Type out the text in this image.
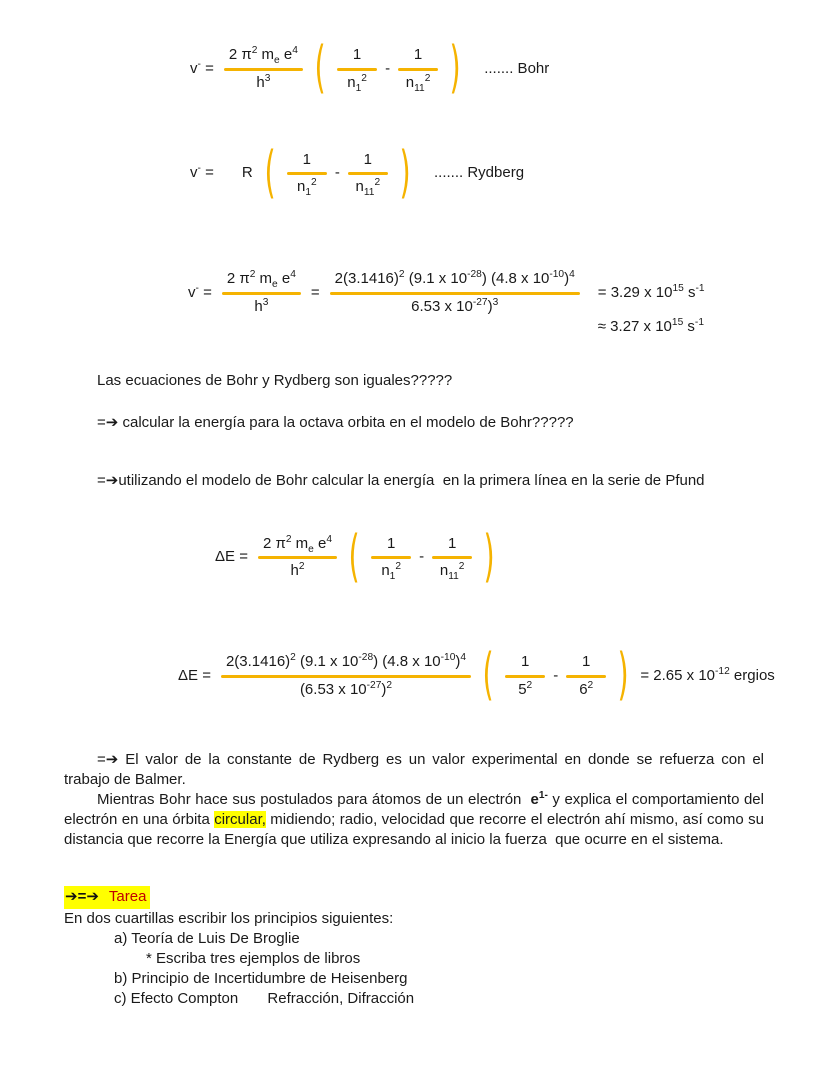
$v^- = \frac{2 \pi^2 m_e e^4}{h^3}$ ( $\frac{1}{n_1^2} - \frac{1}{n_{11}^2}$ ) ....... Bohr
v- = R ( $\frac{1}{n_1^2} - \frac{1}{n_{11}^2}$ ) ....... Rydberg
$v^- = \frac{2 \pi^2 m_e e^4}{h^3} = \frac{2(3.1416)^2 (9.1 x 10^{-28}) (4.8 x 10^{-10})^4}{6.53 x 10^{-27})^3} = 3.29$ x $10^{15}$ $s^{-1}$
≈ 3.27 x $10^{15}$ $s^{-1}$
Las ecuaciones de Bohr y Rydberg son iguales?????
=➔ calcular la energía para la octava orbita en el modelo de Bohr?????
=➔utilizando el modelo de Bohr calcular la energía  en la primera línea en la serie de Pfund
$\Delta E = \frac{2 \pi^2 m_e e^4}{h^2}$ ( $\frac{1}{n_1^2} - \frac{1}{n_{11}^2}$ )
$\Delta E = \frac{2(3.1416)^2 (9.1 x 10^{-28}) (4.8 x 10^{-10})^4}{(6.53 x 10^{-27})^2}$ ( $\frac{1}{5^2} - \frac{1}{6^2}$ ) = 2.65 x $10^{-12}$ ergios

=➔ El valor de la constante de Rydberg es un valor experimental en donde se refuerza con el trabajo de Balmer.

Mientras Bohr hace sus postulados para átomos de un electrón  $e^{1-}$ y explica el comportamiento del electrón en una órbita circular, midiendo; radio, velocidad que recorre el electrón ahí mismo, así como su distancia que recorre la Energía que utiliza expresando al inicio la fuerza  que ocurre en el sistema.

➔=➔ Tarea
En dos cuartillas escribir los principios siguientes:
a) Teoría de Luis De Broglie
* Escriba tres ejemplos de libros
b) Principio de Incertidumbre de Heisenberg
c) Efecto Compton       Refracción, Difracción
